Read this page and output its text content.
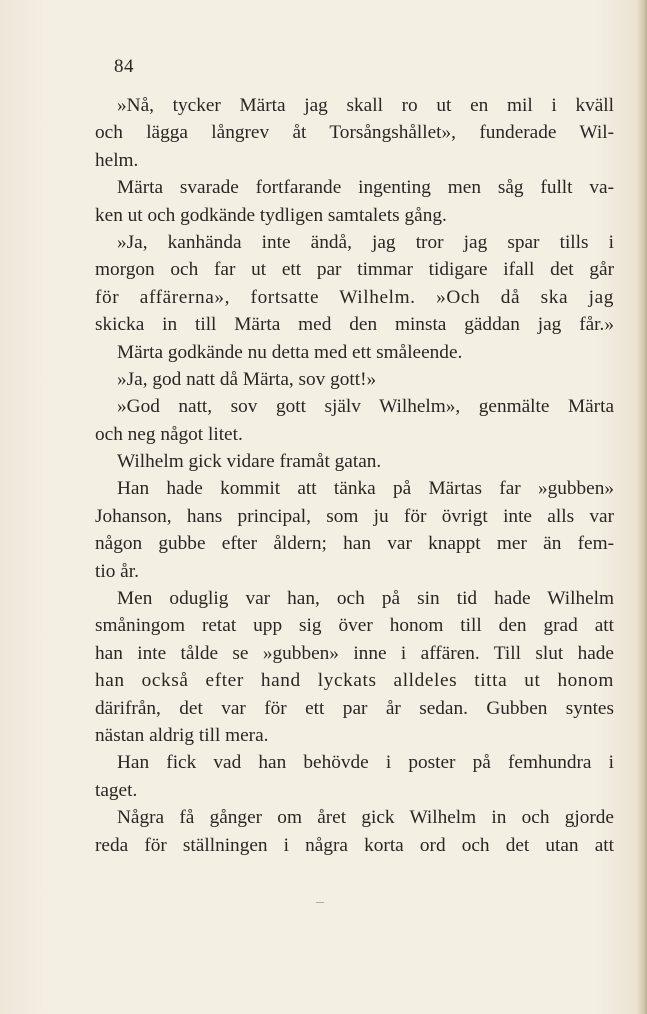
84
»Nå, tycker Märta jag skall ro ut en mil i kväll
och lägga långrev åt Torsångshållet», funderade Wil-
helm.
Märta svarade fortfarande ingenting men såg fullt va-
ken ut och godkände tydligen samtalets gång.
»Ja, kanhända inte ändå, jag tror jag spar tills i
morgon och far ut ett par timmar tidigare ifall det går
för affärerna», fortsatte Wilhelm. »Och då ska jag
skicka in till Märta med den minsta gäddan jag får.»
Märta godkände nu detta med ett småleende.
»Ja, god natt då Märta, sov gott!»
»God natt, sov gott själv Wilhelm», genmälte Märta
och neg något litet.
Wilhelm gick vidare framåt gatan.
Han hade kommit att tänka på Märtas far »gubben»
Johanson, hans principal, som ju för övrigt inte alls var
någon gubbe efter åldern; han var knappt mer än fem-
tio år.
Men oduglig var han, och på sin tid hade Wilhelm
småningom retat upp sig över honom till den grad att
han inte tålde se »gubben» inne i affären. Till slut hade
han också efter hand lyckats alldeles titta ut honom
därifrån, det var för ett par år sedan. Gubben syntes
nästan aldrig till mera.
Han fick vad han behövde i poster på femhundra i
taget.
Några få gånger om året gick Wilhelm in och gjorde
reda för ställningen i några korta ord och det utan att
